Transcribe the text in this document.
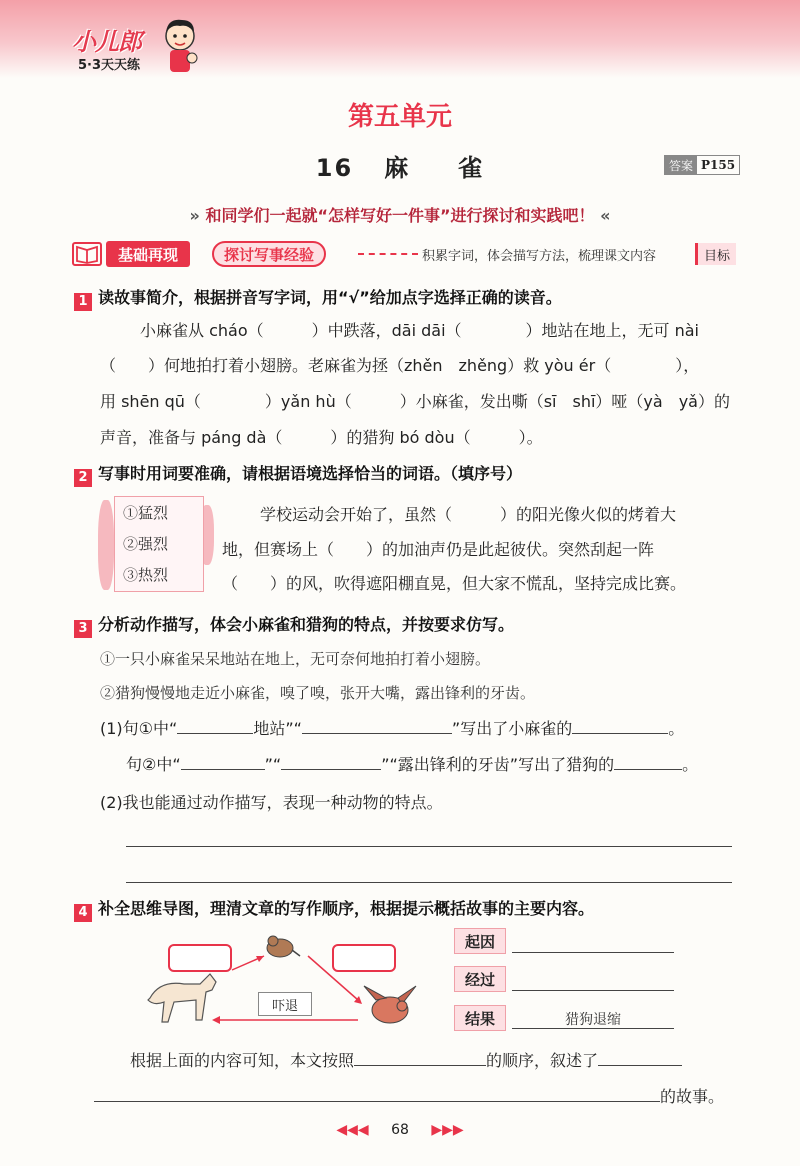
小儿郎
5·3天天练
第五单元
16 麻 雀	答案 P155
» 和同学们一起就“怎样写好一件事”进行探讨和实践吧！ «
基础再现	探讨写事经验	积累字词，体会描写方法，梳理课文内容	目标
1 读故事简介，根据拼音写字词，用“√”给加点字选择正确的读音。
小麻雀从 cháo（　　　）中跌落，dāi dāi（　　　　）地站在地上，无可 nài
（　　）何地拍打着小翅膀。老麻雀为拯（zhěn　zhěng）救 yòu ér（　　　　），
用 shēn qū（　　　　）yǎn hù（　　　）小麻雀，发出嘶（sī　shī）哑（yà　yǎ）的
声音，准备与 páng dà（　　　）的猎狗 bó dòu（　　　）。
2 写事时用词要准确，请根据语境选择恰当的词语。（填序号）
①猛烈
②强烈
③热烈
学校运动会开始了，虽然（　　　）的阳光像火似的烤着大
地，但赛场上（　　）的加油声仍是此起彼伏。突然刮起一阵
（　　）的风，吹得遮阳棚直晃，但大家不慌乱，坚持完成比赛。
3 分析动作描写，体会小麻雀和猎狗的特点，并按要求仿写。
①一只小麻雀呆呆地站在地上，无可奈何地拍打着小翅膀。
②猎狗慢慢地走近小麻雀，嗅了嗅，张开大嘴，露出锋利的牙齿。
(1)句①中“	地站”“	”写出了小麻雀的	。
句②中“	”“	”“露出锋利的牙齿”写出了猎狗的	。
(2)我也能通过动作描写，表现一种动物的特点。
4 补全思维导图，理清文章的写作顺序，根据提示概括故事的主要内容。
吓退
起因
经过
结果	猎狗退缩
根据上面的内容可知，本文按照	的顺序，叙述了
的故事。
◀◀◀ 68 ▶▶▶
